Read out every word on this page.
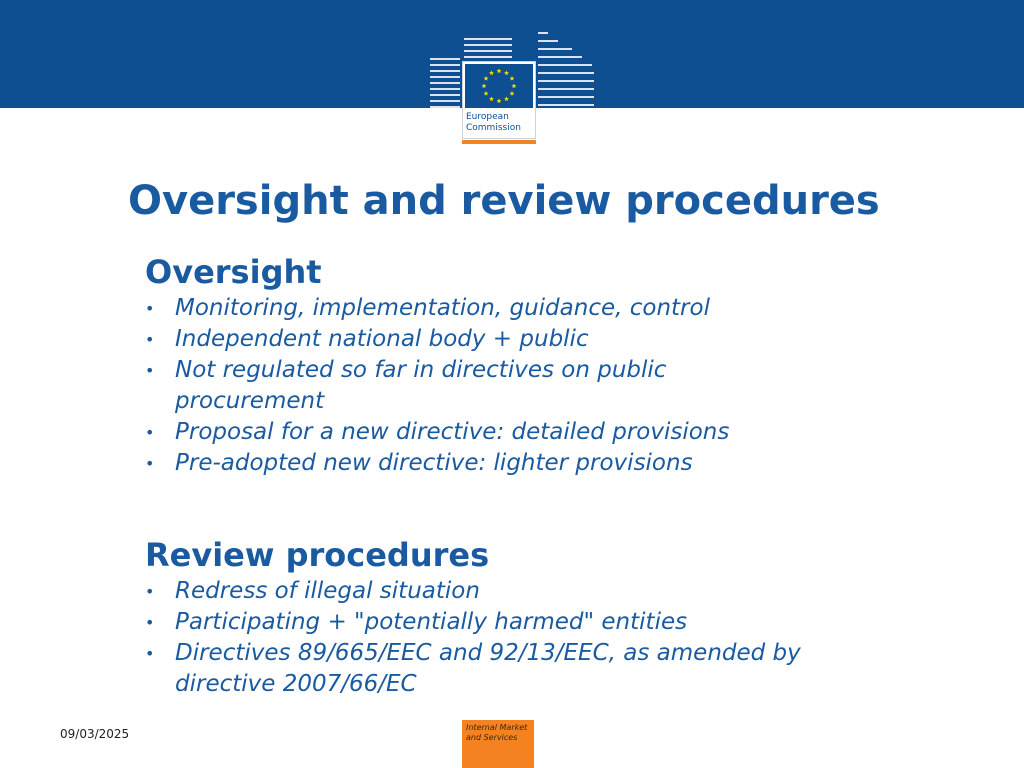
European
Commission
Oversight and review procedures
Oversight
• Monitoring, implementation, guidance, control
• Independent national body + public
• Not regulated so far in directives on public procurement
• Proposal for a new directive: detailed provisions
• Pre-adopted new directive: lighter provisions
Review procedures
• Redress of illegal situation
• Participating + "potentially harmed" entities
• Directives 89/665/EEC and 92/13/EEC, as amended by directive 2007/66/EC
09/03/2025	Internal Market
and Services
